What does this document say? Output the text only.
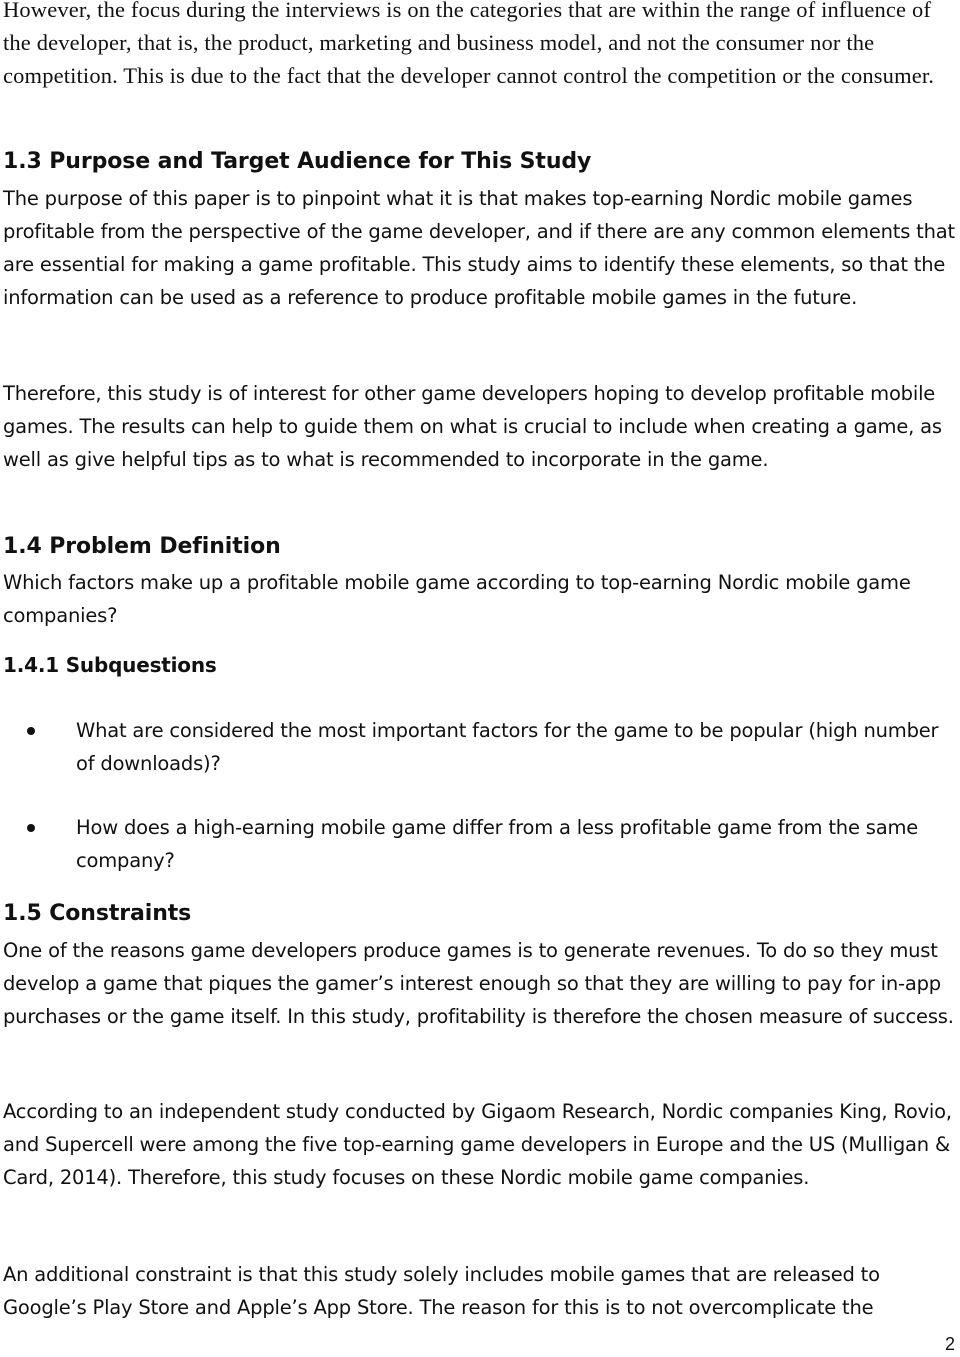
However, the focus during the interviews is on the categories that are within the range of influence of the developer, that is, the product, marketing and business model, and not the consumer nor the competition. This is due to the fact that the developer cannot control the competition or the consumer.

1.3 Purpose and Target Audience for This Study

The purpose of this paper is to pinpoint what it is that makes top-earning Nordic mobile games profitable from the perspective of the game developer, and if there are any common elements that are essential for making a game profitable. This study aims to identify these elements, so that the information can be used as a reference to produce profitable mobile games in the future.

Therefore, this study is of interest for other game developers hoping to develop profitable mobile games. The results can help to guide them on what is crucial to include when creating a game, as well as give helpful tips as to what is recommended to incorporate in the game.

1.4 Problem Definition

Which factors make up a profitable mobile game according to top-earning Nordic mobile game companies?

1.4.1 Subquestions
What are considered the most important factors for the game to be popular (high number of downloads)?
How does a high-earning mobile game differ from a less profitable game from the same company?
1.5 Constraints

One of the reasons game developers produce games is to generate revenues. To do so they must develop a game that piques the gamer’s interest enough so that they are willing to pay for in-app purchases or the game itself. In this study, profitability is therefore the chosen measure of success.

According to an independent study conducted by Gigaom Research, Nordic companies King, Rovio, and Supercell were among the five top-earning game developers in Europe and the US (Mulligan & Card, 2014). Therefore, this study focuses on these Nordic mobile game companies.

An additional constraint is that this study solely includes mobile games that are released to Google’s Play Store and Apple’s App Store. The reason for this is to not overcomplicate the

2
